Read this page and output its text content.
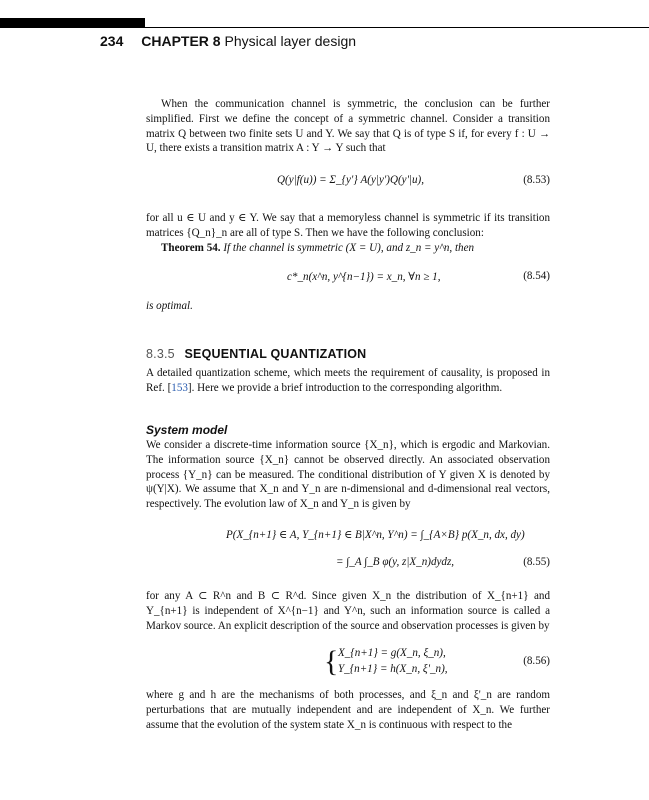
234 CHAPTER 8 Physical layer design
When the communication channel is symmetric, the conclusion can be further simplified. First we define the concept of a symmetric channel. Consider a transition matrix Q between two finite sets U and Y. We say that Q is of type S if, for every f : U → U, there exists a transition matrix A : Y → Y such that
Q(y|f(u)) = Σ_{y'} A(y|y')Q(y'|u),	(8.53)
for all u ∈ U and y ∈ Y. We say that a memoryless channel is symmetric if its transition matrices {Q_n}_n are all of type S. Then we have the following conclusion:
Theorem 54. If the channel is symmetric (X = U), and z_n = y^n, then
c*_n(x^n, y^{n−1}) = x_n, ∀n ≥ 1,	(8.54)
is optimal.
8.3.5 SEQUENTIAL QUANTIZATION
A detailed quantization scheme, which meets the requirement of causality, is proposed in Ref. [153]. Here we provide a brief introduction to the corresponding algorithm.
System model
We consider a discrete-time information source {X_n}, which is ergodic and Markovian. The information source {X_n} cannot be observed directly. An associated observation process {Y_n} can be measured. The conditional distribution of Y given X is denoted by ψ(Y|X). We assume that X_n and Y_n are n-dimensional and d-dimensional real vectors, respectively. The evolution law of X_n and Y_n is given by
P(X_{n+1} ∈ A, Y_{n+1} ∈ B|X^n, Y^n) = ∫_{A×B} p(X_n, dx, dy)
= ∫_A ∫_B φ(y, z|X_n)dydz,	(8.55)
for any A ⊂ R^n and B ⊂ R^d. Since given X_n the distribution of X_{n+1} and Y_{n+1} is independent of X^{n−1} and Y^n, such an information source is called a Markov source. An explicit description of the source and observation processes is given by
{ X_{n+1} = g(X_n, ξ_n),
Y_{n+1} = h(X_n, ξ'_n),
(8.56)
where g and h are the mechanisms of both processes, and ξ_n and ξ'_n are random perturbations that are mutually independent and are independent of X_n. We further assume that the evolution of the system state X_n is continuous with respect to the
